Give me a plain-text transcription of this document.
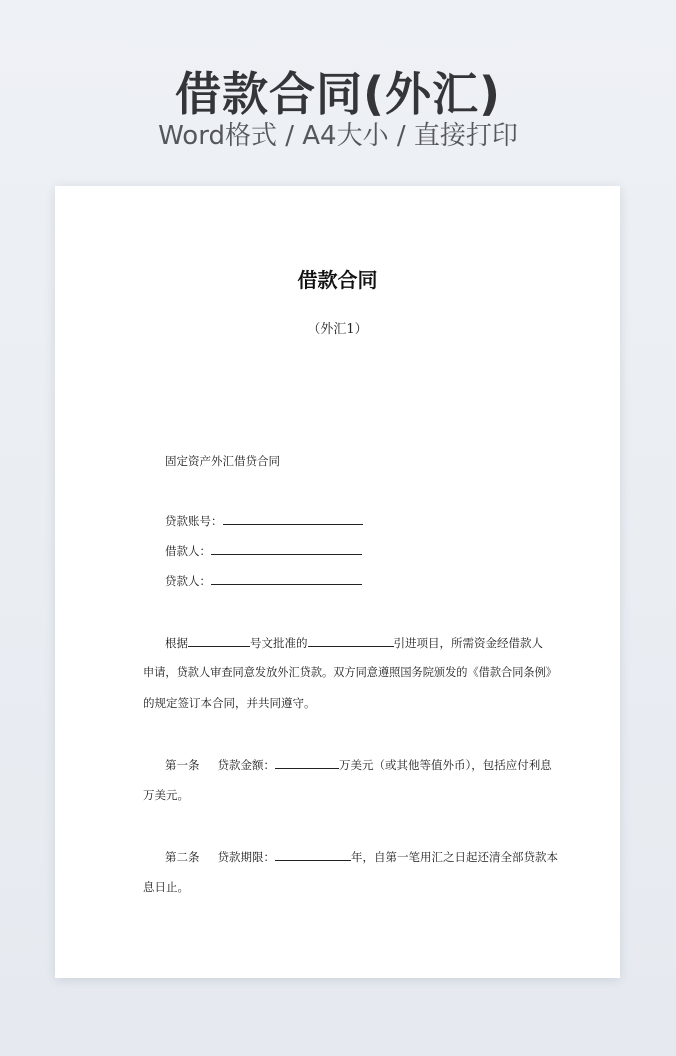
借款合同(外汇)
Word格式 / A4大小 / 直接打印
借款合同
（外汇1）
固定资产外汇借贷合同
贷款账号：
借款人：
贷款人：
根据	号文批准的	引进项目，所需资金经借款人
申请，贷款人审查同意发放外汇贷款。双方同意遵照国务院颁发的《借款合同条例》
的规定签订本合同，并共同遵守。
第一条 贷款金额：	万美元（或其他等值外币），包括应付利息
万美元。
第二条 贷款期限：	年，自第一笔用汇之日起还清全部贷款本
息日止。
